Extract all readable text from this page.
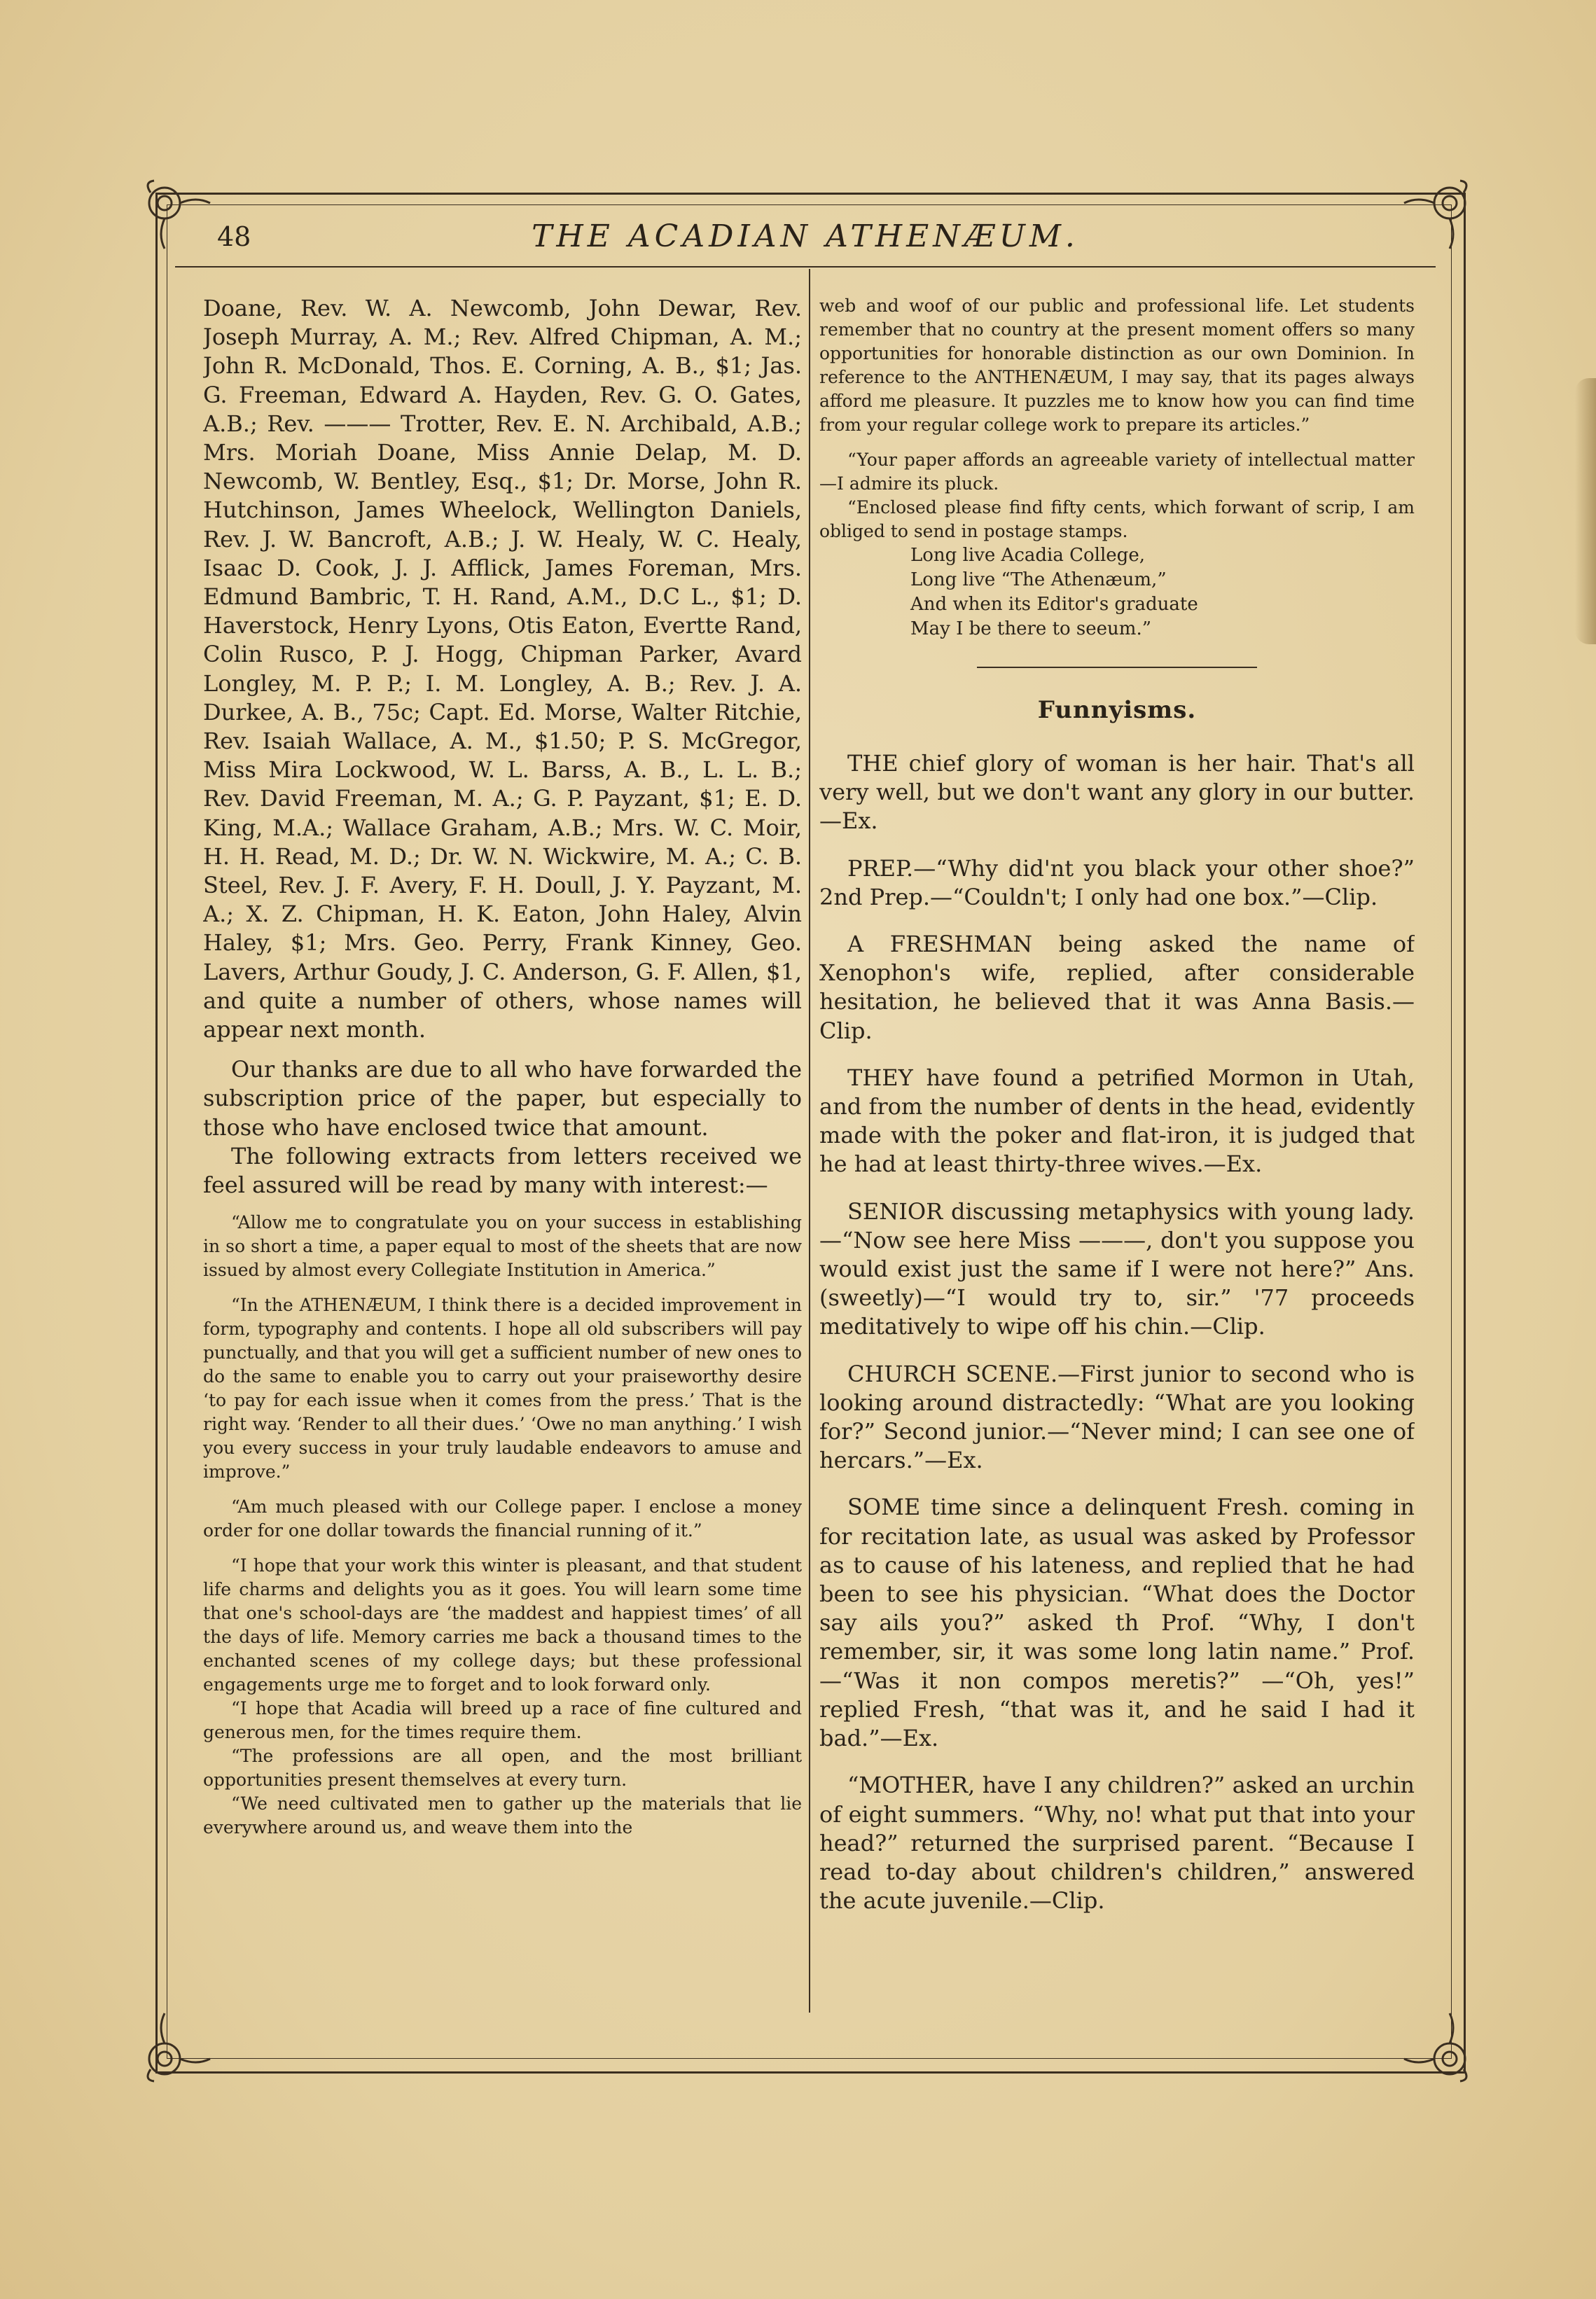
48	THE ACADIAN ATHENÆUM.

Doane, Rev. W. A. Newcomb, John Dewar, Rev. Joseph Murray, A. M.; Rev. Alfred Chipman, A. M.; John R. McDonald, Thos. E. Corning, A. B., $1; Jas. G. Freeman, Edward A. Hayden, Rev. G. O. Gates, A.B.; Rev. ——— Trotter, Rev. E. N. Archibald, A.B.; Mrs. Moriah Doane, Miss Annie Delap, M. D. Newcomb, W. Bentley, Esq., $1; Dr. Morse, John R. Hutchinson, James Wheelock, Wellington Daniels, Rev. J. W. Bancroft, A.B.; J. W. Healy, W. C. Healy, Isaac D. Cook, J. J. Afflick, James Foreman, Mrs. Edmund Bambric, T. H. Rand, A.M., D.C L., $1; D. Haverstock, Henry Lyons, Otis Eaton, Evertte Rand, Colin Rusco, P. J. Hogg, Chipman Parker, Avard Longley, M. P. P.; I. M. Longley, A. B.; Rev. J. A. Durkee, A. B., 75c; Capt. Ed. Morse, Walter Ritchie, Rev. Isaiah Wallace, A. M., $1.50; P. S. McGregor, Miss Mira Lockwood, W. L. Barss, A. B., L. L. B.; Rev. David Freeman, M. A.; G. P. Payzant, $1; E. D. King, M.A.; Wallace Graham, A.B.; Mrs. W. C. Moir, H. H. Read, M. D.; Dr. W. N. Wickwire, M. A.; C. B. Steel, Rev. J. F. Avery, F. H. Doull, J. Y. Payzant, M. A.; X. Z. Chipman, H. K. Eaton, John Haley, Alvin Haley, $1; Mrs. Geo. Perry, Frank Kinney, Geo. Lavers, Arthur Goudy, J. C. Anderson, G. F. Allen, $1, and quite a number of others, whose names will appear next month.

Our thanks are due to all who have forwarded the subscription price of the paper, but especially to those who have enclosed twice that amount.

The following extracts from letters received we feel assured will be read by many with interest:—

“Allow me to congratulate you on your success in establishing in so short a time, a paper equal to most of the sheets that are now issued by almost every Collegiate Institution in America.”

“In the ATHENÆUM, I think there is a decided improvement in form, typography and contents. I hope all old subscribers will pay punctually, and that you will get a sufficient number of new ones to do the same to enable you to carry out your praiseworthy desire ‘to pay for each issue when it comes from the press.’ That is the right way. ‘Render to all their dues.’ ‘Owe no man anything.’ I wish you every success in your truly laudable endeavors to amuse and improve.”

“Am much pleased with our College paper. I enclose a money order for one dollar towards the financial running of it.”

“I hope that your work this winter is pleasant, and that student life charms and delights you as it goes. You will learn some time that one's school-days are ‘the maddest and happiest times’ of all the days of life. Memory carries me back a thousand times to the enchanted scenes of my college days; but these professional engagements urge me to forget and to look forward only.

“I hope that Acadia will breed up a race of fine cultured and generous men, for the times require them.

“The professions are all open, and the most brilliant opportunities present themselves at every turn.

“We need cultivated men to gather up the materials that lie everywhere around us, and weave them into the

web and woof of our public and professional life. Let students remember that no country at the present moment offers so many opportunities for honorable distinction as our own Dominion. In reference to the ANTHENÆUM, I may say, that its pages always afford me pleasure. It puzzles me to know how you can find time from your regular college work to prepare its articles.”

“Your paper affords an agreeable variety of intellectual matter—I admire its pluck.

“Enclosed please find fifty cents, which forwant of scrip, I am obliged to send in postage stamps.

Long live Acadia College,
Long live “The Athenæum,”
And when its Editor's graduate
May I be there to seeum.”
Funnyisms.

THE chief glory of woman is her hair. That's all very well, but we don't want any glory in our butter.—Ex.

PREP.—“Why did'nt you black your other shoe?” 2nd Prep.—“Couldn't; I only had one box.”—Clip.

A FRESHMAN being asked the name of Xenophon's wife, replied, after considerable hesitation, he believed that it was Anna Basis.—Clip.

THEY have found a petrified Mormon in Utah, and from the number of dents in the head, evidently made with the poker and flat-iron, it is judged that he had at least thirty-three wives.—Ex.

SENIOR discussing metaphysics with young lady. —“Now see here Miss ———, don't you suppose you would exist just the same if I were not here?” Ans. (sweetly)—“I would try to, sir.” '77 proceeds meditatively to wipe off his chin.—Clip.

CHURCH SCENE.—First junior to second who is looking around distractedly: “What are you looking for?” Second junior.—“Never mind; I can see one of hercars.”—Ex.

SOME time since a delinquent Fresh. coming in for recitation late, as usual was asked by Professor as to cause of his lateness, and replied that he had been to see his physician. “What does the Doctor say ails you?” asked th Prof. “Why, I don't remember, sir, it was some long latin name.” Prof.—“Was it non compos meretis?” —“Oh, yes!” replied Fresh, “that was it, and he said I had it bad.”—Ex.

“MOTHER, have I any children?” asked an urchin of eight summers. “Why, no! what put that into your head?” returned the surprised parent. “Because I read to-day about children's children,” answered the acute juvenile.—Clip.
